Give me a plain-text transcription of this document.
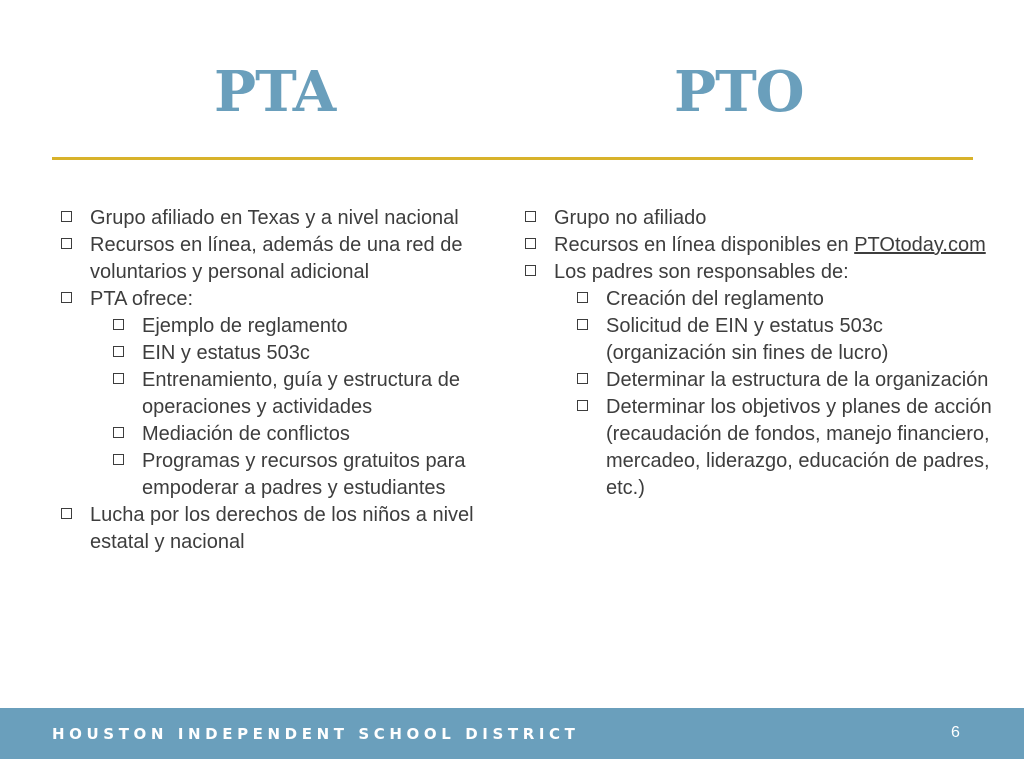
PTA	PTO
Grupo afiliado en Texas y a nivel nacional
Recursos en línea, además de una red de voluntarios y personal adicional
PTA ofrece:
Ejemplo de reglamento
EIN y estatus 503c
Entrenamiento, guía y estructura de operaciones y actividades
Mediación de conflictos
Programas y recursos gratuitos para empoderar a padres y estudiantes
Lucha por los derechos de los niños a nivel estatal y nacional
Grupo no afiliado
Recursos en línea disponibles en PTOtoday.com
Los padres son responsables de:
Creación del reglamento
Solicitud de EIN y estatus 503c (organización sin fines de lucro)
Determinar la estructura de la organización
Determinar los objetivos y planes de acción (recaudación de fondos, manejo financiero, mercadeo, liderazgo, educación de padres, etc.)
HOUSTON INDEPENDENT SCHOOL DISTRICT	6
